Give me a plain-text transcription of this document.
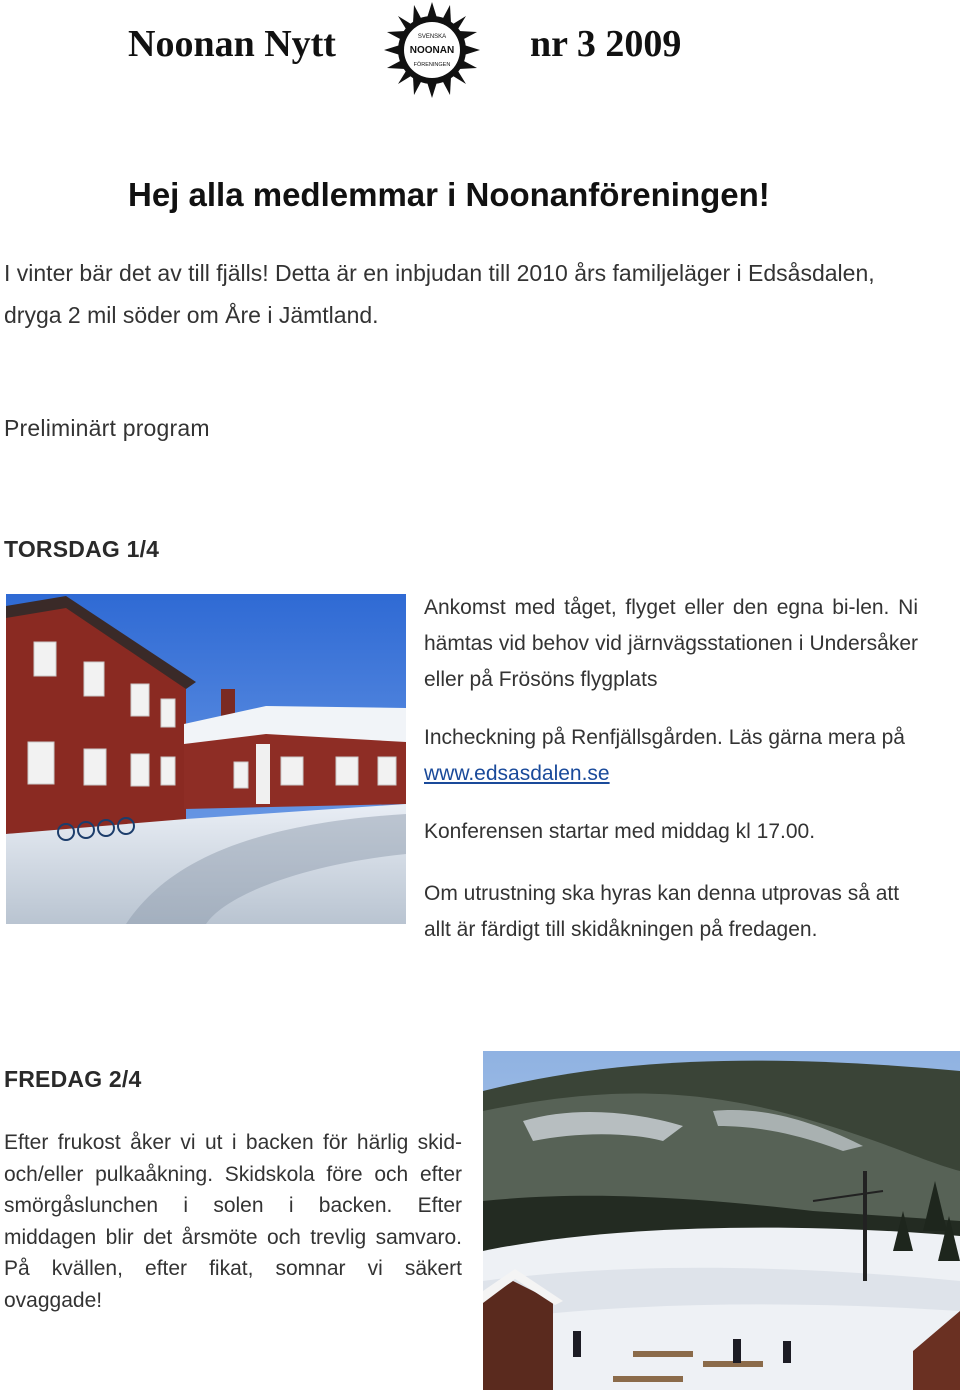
Noonan Nytt	SVENSKA
NOONAN
FÖRENINGEN nr 3 2009
Hej alla medlemmar i Noonanföreningen!
I vinter bär det av till fjälls! Detta är en inbjudan till 2010 års familjeläger i Edsåsdalen, dryga 2 mil söder om Åre i Jämtland.
Preliminärt program
TORSDAG 1/4

Ankomst med tåget, flyget eller den egna bi-len. Ni hämtas vid behov vid järnvägsstationen i Undersåker eller på Frösöns flygplats

Incheckning på Renfjällsgården. Läs gärna mera på www.edsasdalen.se
Konferensen startar med middag kl 17.00.
Om utrustning ska hyras kan denna utprovas så att allt är färdigt till skidåkningen på fredagen.
FREDAG 2/4
Efter frukost åker vi ut i backen för härlig skid- och/eller pulkaåkning. Skidskola före och efter smörgåslunchen i solen i backen. Efter middagen blir det årsmöte och trevlig samvaro. På kvällen, efter fikat, somnar vi säkert ovaggade!
